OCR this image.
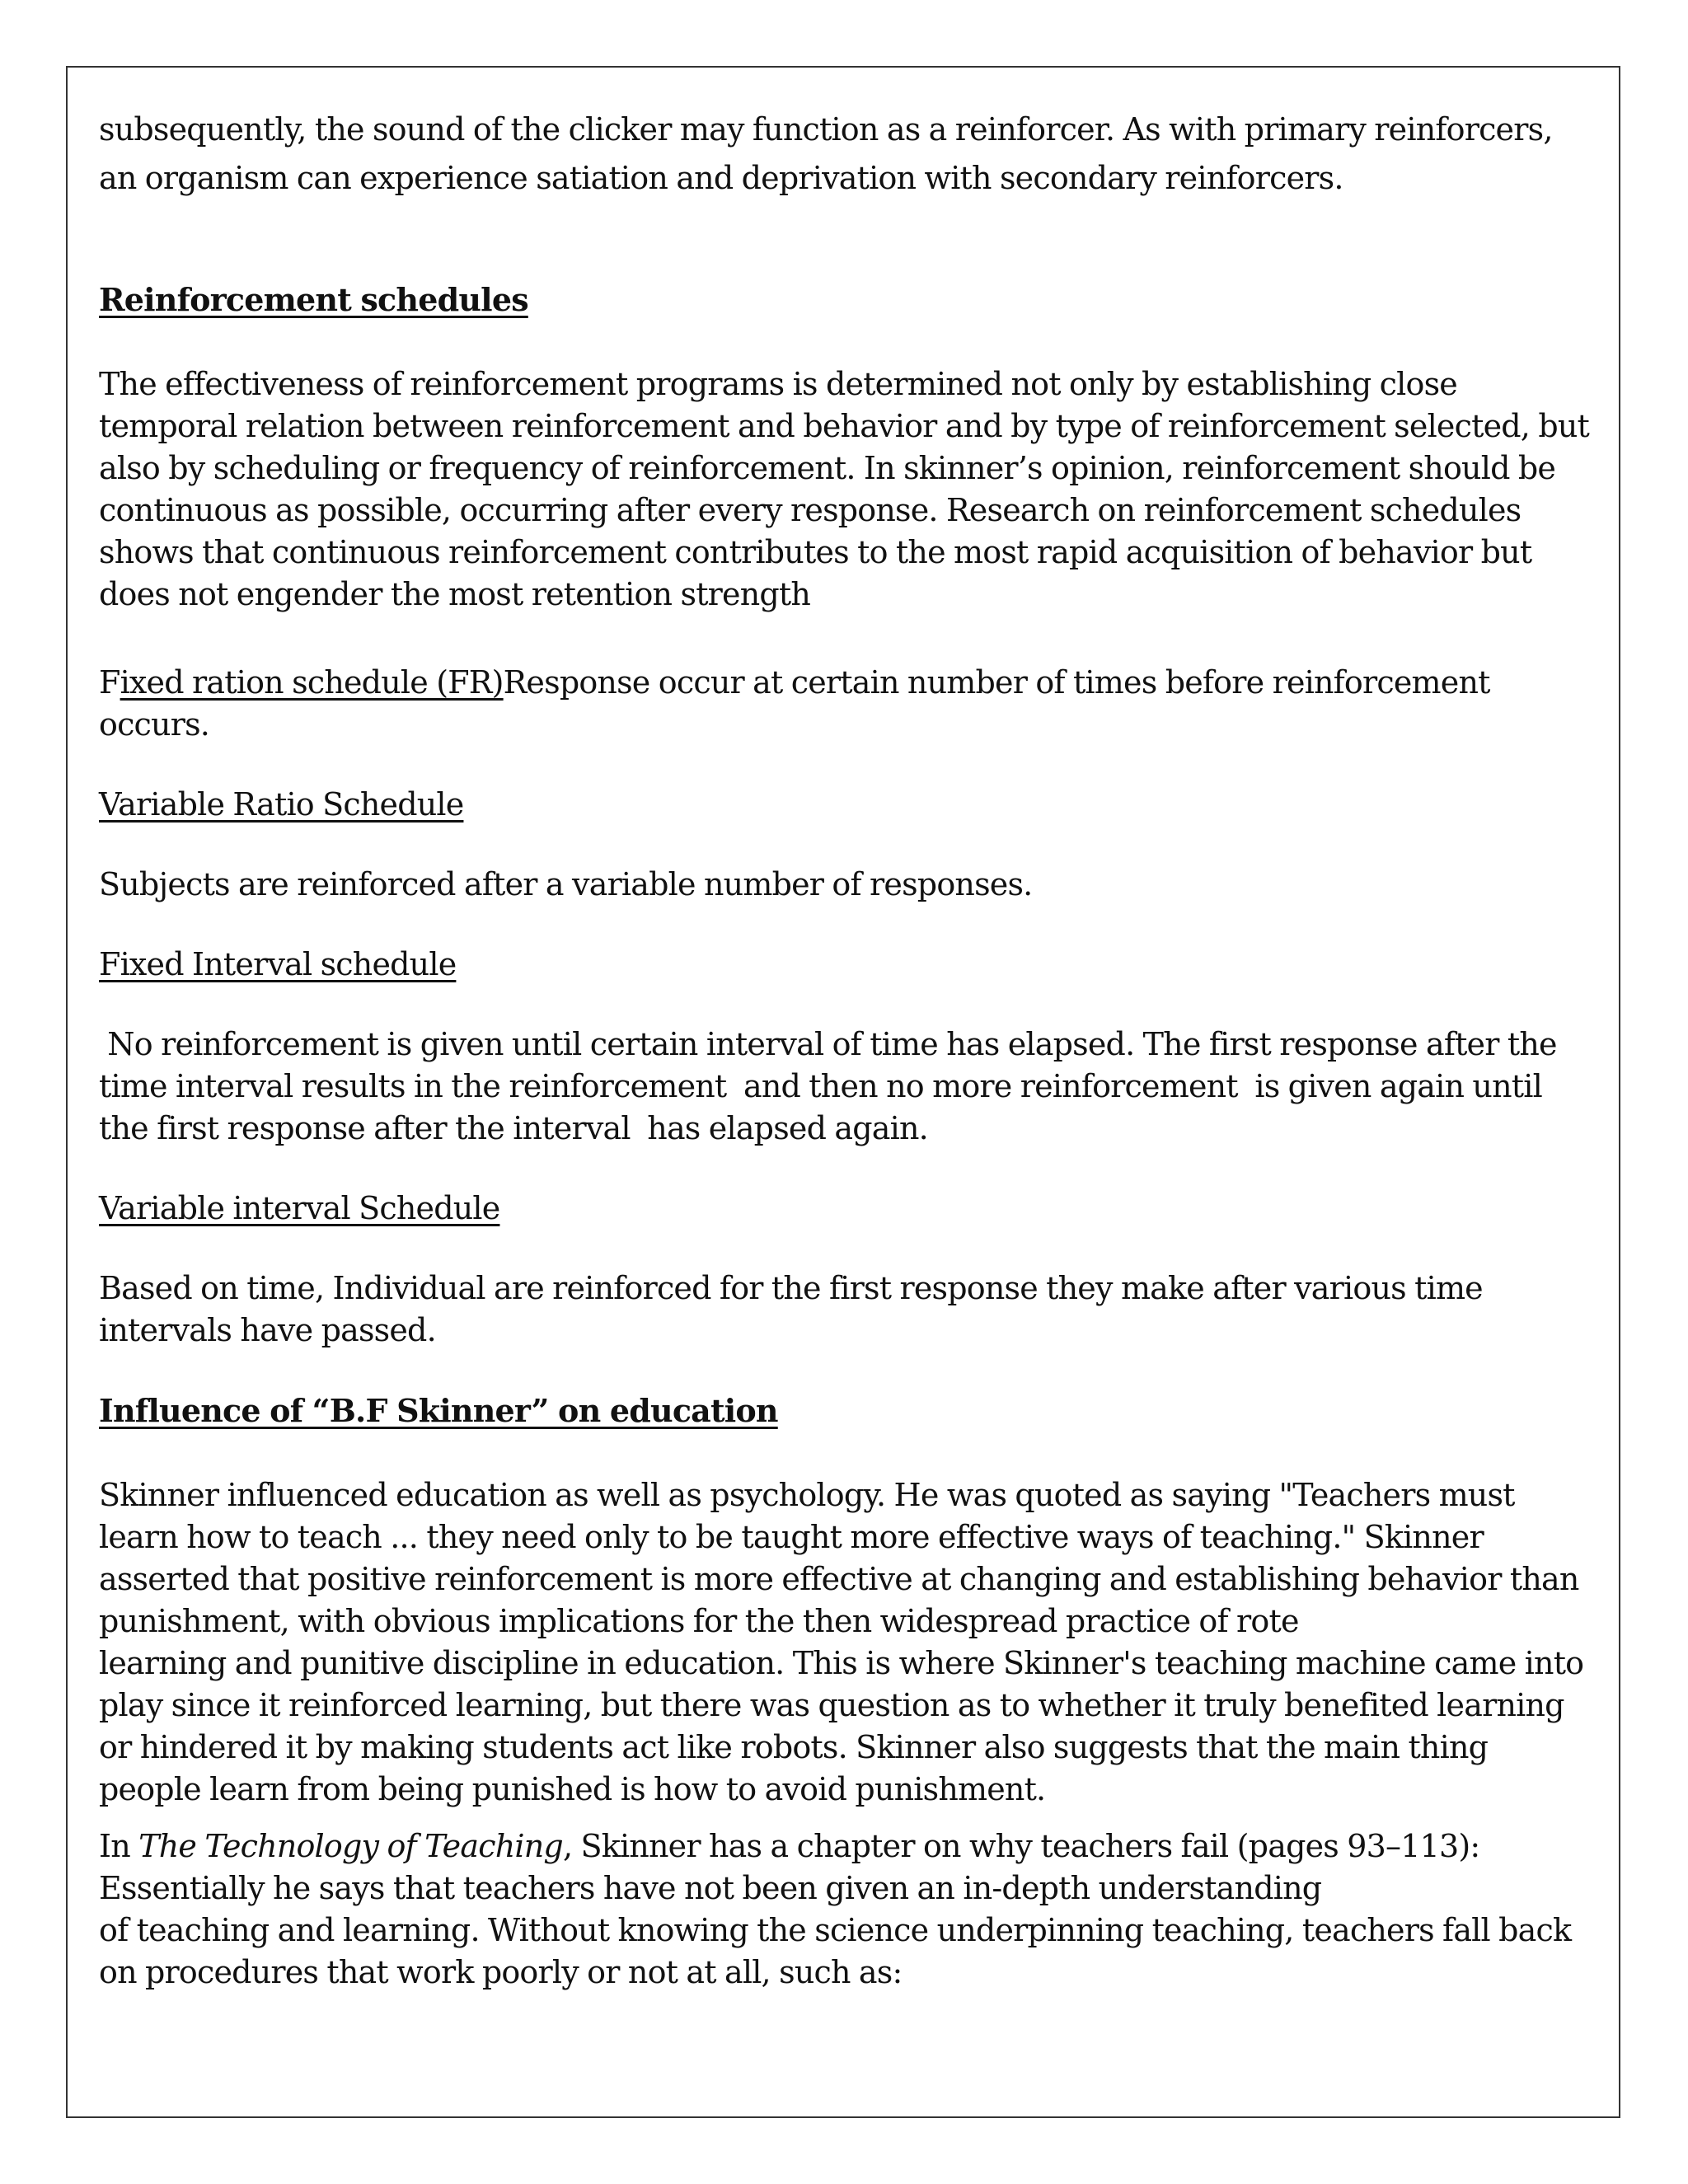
subsequently, the sound of the clicker may function as a reinforcer. As with primary reinforcers, an organism can experience satiation and deprivation with secondary reinforcers.

Reinforcement schedules

The effectiveness of reinforcement programs is determined not only by establishing close temporal relation between reinforcement and behavior and by type of reinforcement selected, but also by scheduling or frequency of reinforcement. In skinner’s opinion, reinforcement should be continuous as possible, occurring after every response. Research on reinforcement schedules shows that continuous reinforcement contributes to the most rapid acquisition of behavior but does not engender the most retention strength

Fixed ration schedule (FR)Response occur at certain number of times before reinforcement occurs.

Variable Ratio Schedule

Subjects are reinforced after a variable number of responses.

Fixed Interval schedule

No reinforcement is given until certain interval of time has elapsed. The first response after the time interval results in the reinforcement  and then no more reinforcement  is given again until the first response after the interval  has elapsed again.

Variable interval Schedule

Based on time, Individual are reinforced for the first response they make after various time intervals have passed.

Influence of “B.F Skinner” on education

Skinner influenced education as well as psychology. He was quoted as saying "Teachers must learn how to teach ... they need only to be taught more effective ways of teaching." Skinner asserted that positive reinforcement is more effective at changing and establishing behavior than punishment, with obvious implications for the then widespread practice of rote
learning and punitive discipline in education. This is where Skinner's teaching machine came into play since it reinforced learning, but there was question as to whether it truly benefited learning or hindered it by making students act like robots. Skinner also suggests that the main thing people learn from being punished is how to avoid punishment.

In The Technology of Teaching, Skinner has a chapter on why teachers fail (pages 93–113): Essentially he says that teachers have not been given an in-depth understanding
of teaching and learning. Without knowing the science underpinning teaching, teachers fall back on procedures that work poorly or not at all, such as:
